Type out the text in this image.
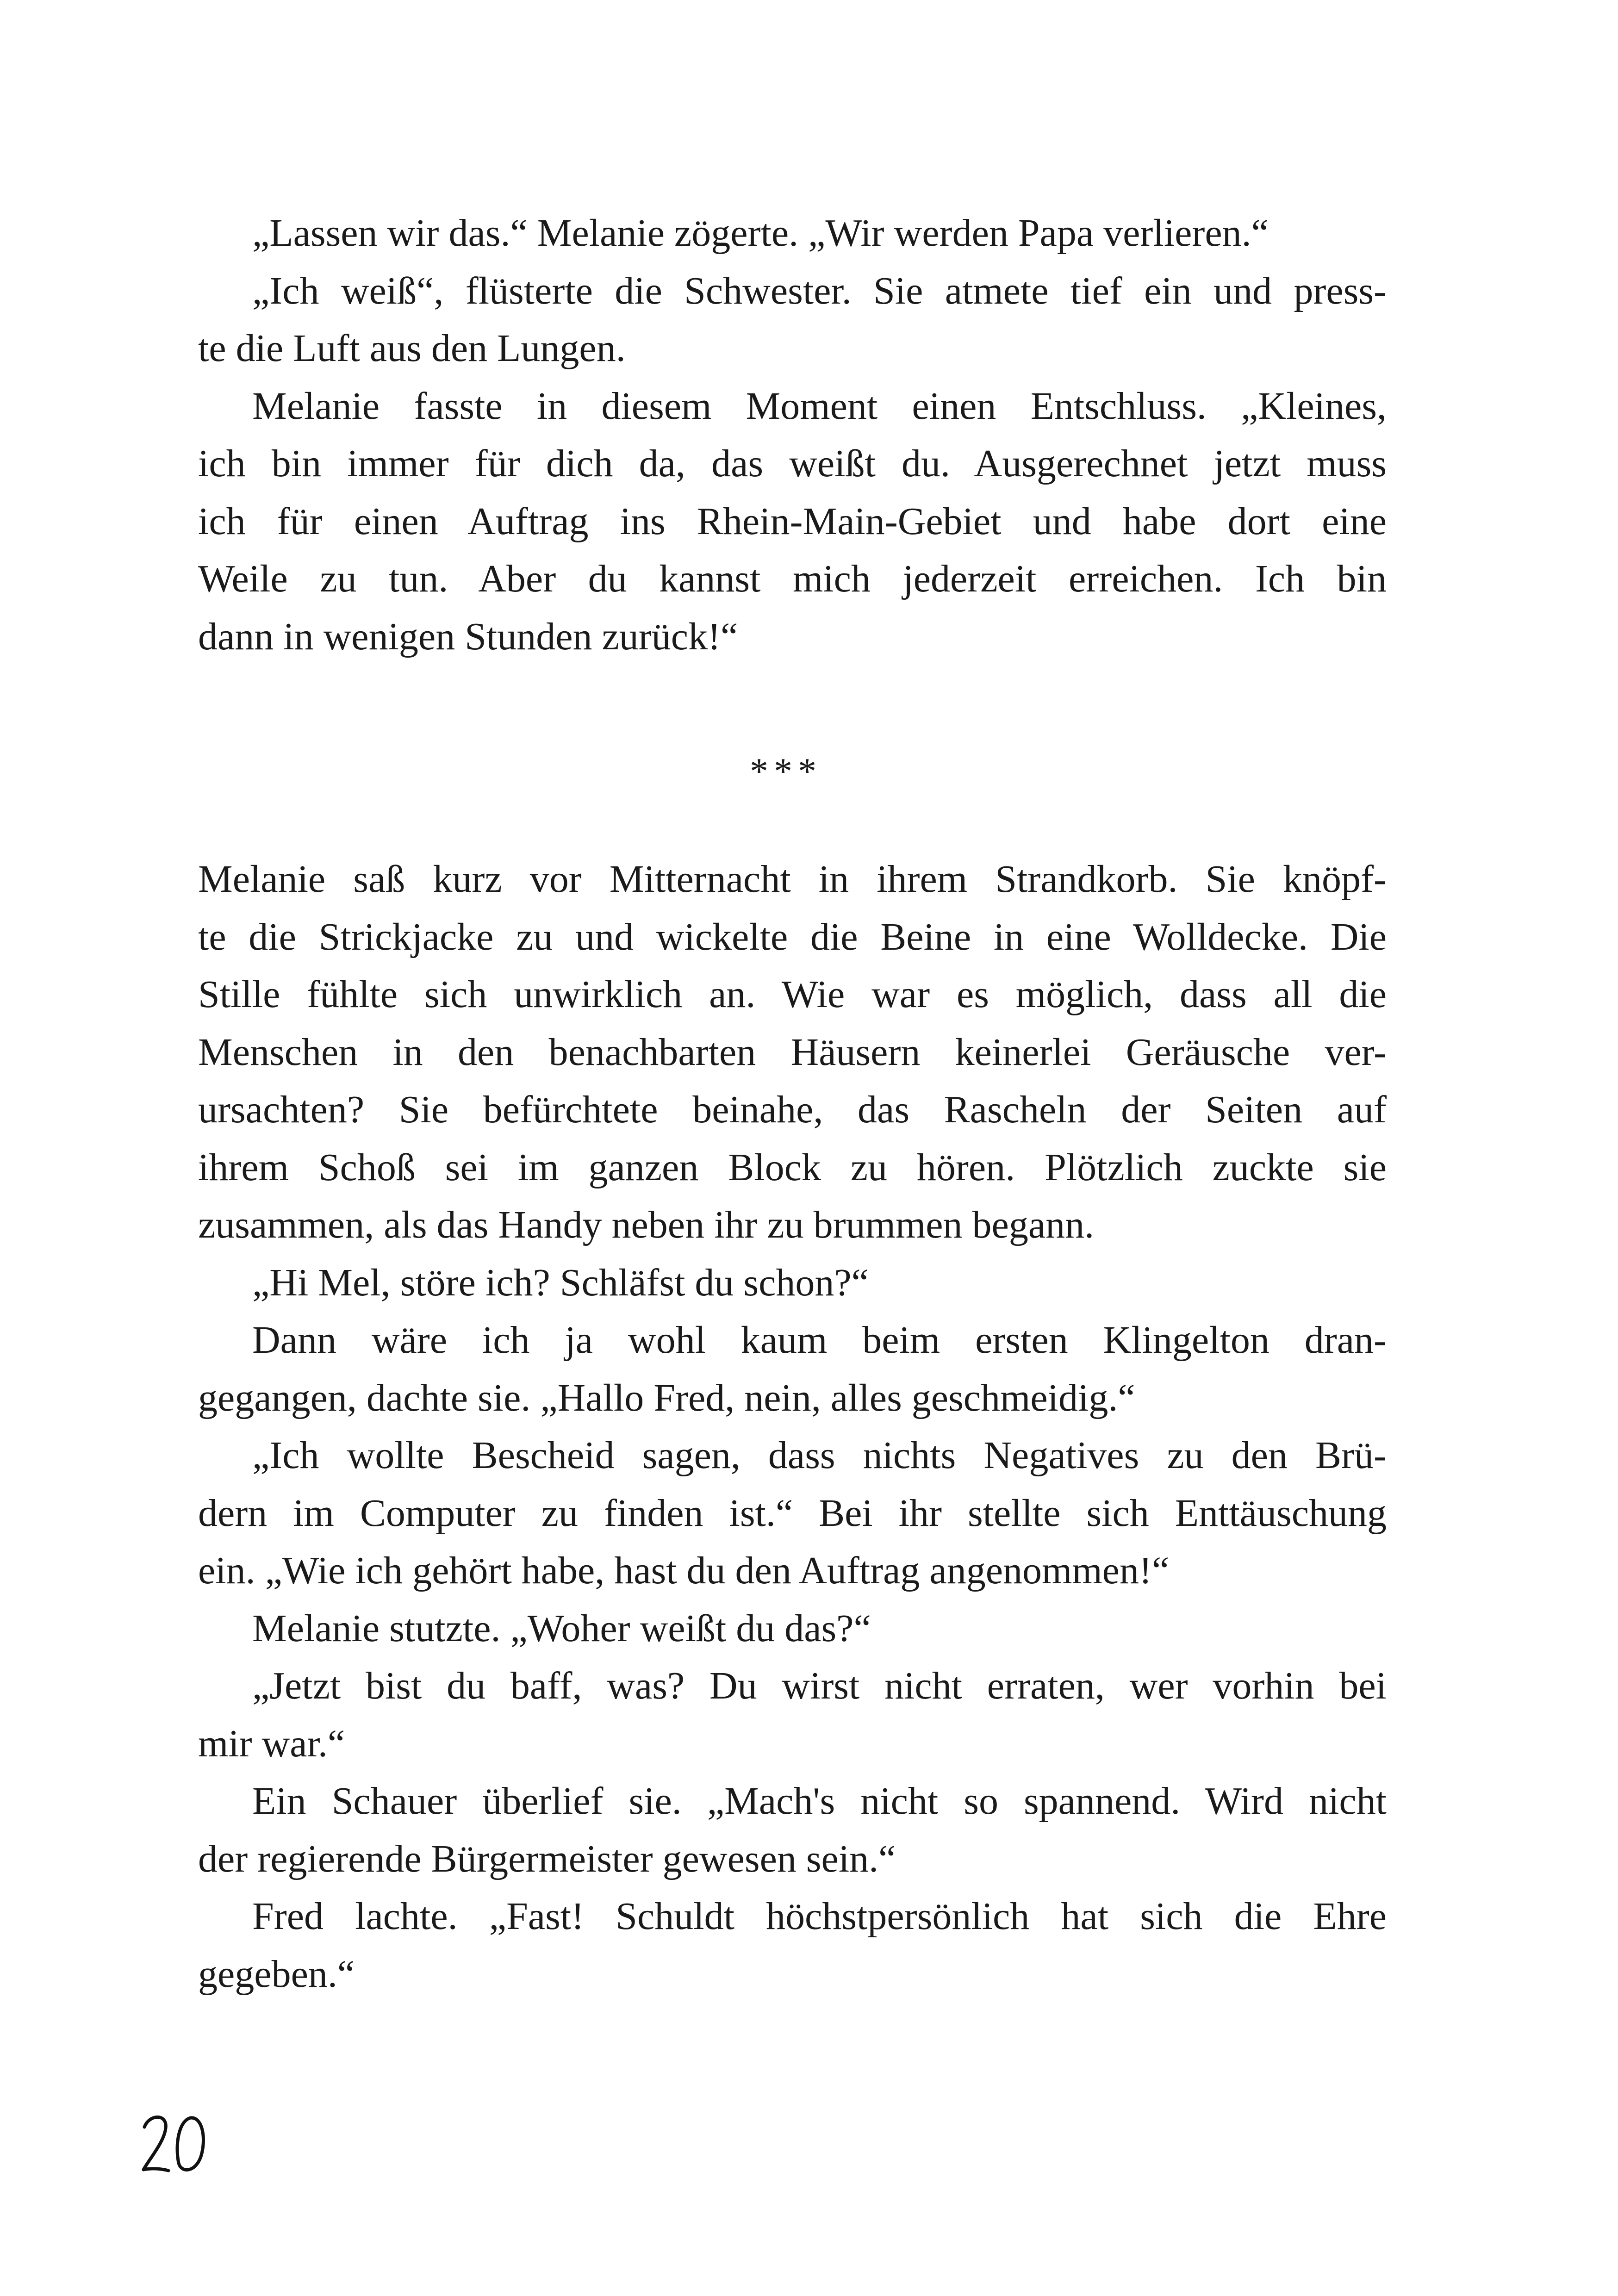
„Lassen wir das.“ Melanie zögerte. „Wir werden Papa verlieren.“
„Ich weiß“, flüsterte die Schwester. Sie atmete tief ein und press-
te die Luft aus den Lungen.
Melanie fasste in diesem Moment einen Entschluss. „Kleines,
ich bin immer für dich da, das weißt du. Ausgerechnet jetzt muss
ich für einen Auftrag ins Rhein-Main-Gebiet und habe dort eine
Weile zu tun. Aber du kannst mich jederzeit erreichen. Ich bin
dann in wenigen Stunden zurück!“
***
Melanie saß kurz vor Mitternacht in ihrem Strandkorb. Sie knöpf-
te die Strickjacke zu und wickelte die Beine in eine Wolldecke. Die
Stille fühlte sich unwirklich an. Wie war es möglich, dass all die
Menschen in den benachbarten Häusern keinerlei Geräusche ver-
ursachten? Sie befürchtete beinahe, das Rascheln der Seiten auf
ihrem Schoß sei im ganzen Block zu hören. Plötzlich zuckte sie
zusammen, als das Handy neben ihr zu brummen begann.
„Hi Mel, störe ich? Schläfst du schon?“
Dann wäre ich ja wohl kaum beim ersten Klingelton dran-
gegangen, dachte sie. „Hallo Fred, nein, alles geschmeidig.“
„Ich wollte Bescheid sagen, dass nichts Negatives zu den Brü-
dern im Computer zu finden ist.“ Bei ihr stellte sich Enttäuschung
ein. „Wie ich gehört habe, hast du den Auftrag angenommen!“
Melanie stutzte. „Woher weißt du das?“
„Jetzt bist du baff, was? Du wirst nicht erraten, wer vorhin bei
mir war.“
Ein Schauer überlief sie. „Mach's nicht so spannend. Wird nicht
der regierende Bürgermeister gewesen sein.“
Fred lachte. „Fast! Schuldt höchstpersönlich hat sich die Ehre
gegeben.“
